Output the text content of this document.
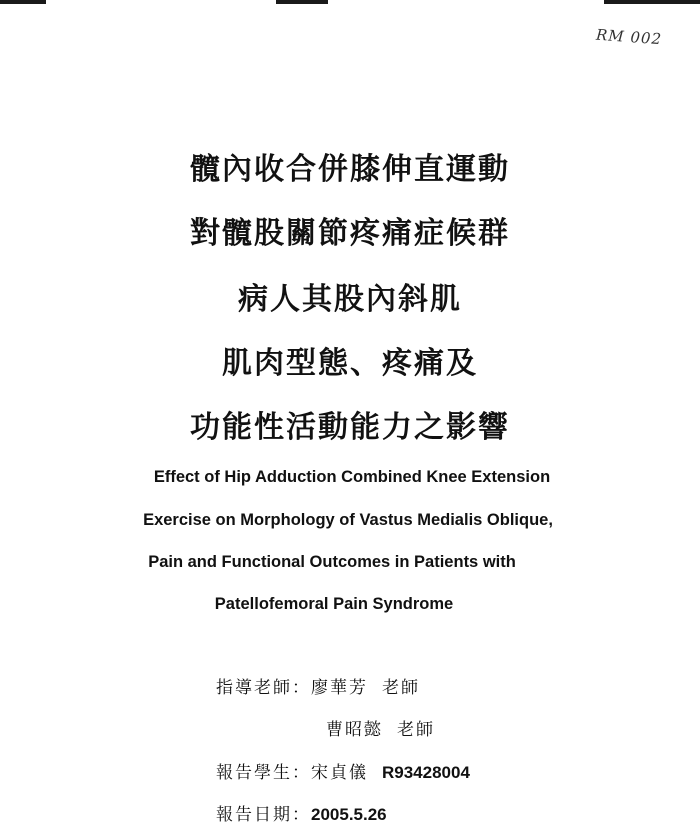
RM 002
髖內收合併膝伸直運動
對髖股關節疼痛症候群
病人其股內斜肌
肌肉型態、疼痛及
功能性活動能力之影響
Effect of Hip Adduction Combined Knee Extension
Exercise on Morphology of Vastus Medialis Oblique,
Pain and Functional Outcomes in Patients with
Patellofemoral Pain Syndrome
指導老師：廖華芳 老師
曹昭懿 老師
報告學生：宋貞儀 R93428004
報告日期：2005.5.26
